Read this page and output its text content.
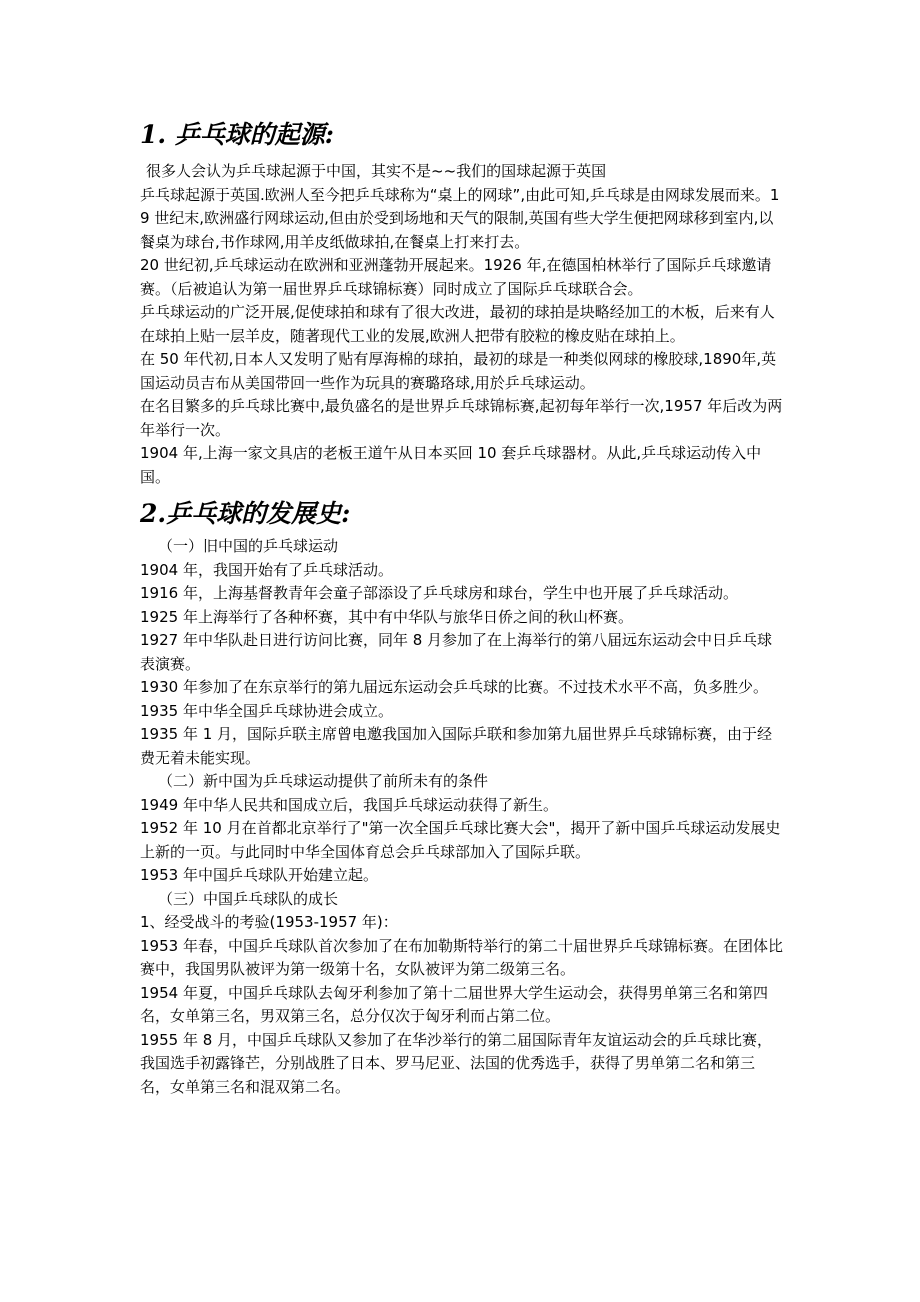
1. 乒乓球的起源:

很多人会认为乒乓球起源于中国，其实不是~~我们的国球起源于英国

乒乓球起源于英国.欧洲人至今把乒乓球称为“桌上的网球”,由此可知,乒乓球是由网球发展而来。19 世纪末,欧洲盛行网球运动,但由於受到场地和天气的限制,英国有些大学生便把网球移到室内,以餐桌为球台,书作球网,用羊皮纸做球拍,在餐桌上打来打去。

20 世纪初,乒乓球运动在欧洲和亚洲蓬勃开展起来。1926 年,在德国柏林举行了国际乒乓球邀请赛。（后被追认为第一届世界乒乓球锦标赛）同时成立了国际乒乓球联合会。

乒乓球运动的广泛开展,促使球拍和球有了很大改进，最初的球拍是块略经加工的木板，后来有人在球拍上贴一层羊皮，随著现代工业的发展,欧洲人把带有胶粒的橡皮贴在球拍上。

在 50 年代初,日本人又发明了贴有厚海棉的球拍，最初的球是一种类似网球的橡胶球,1890年,英国运动员吉布从美国带回一些作为玩具的赛璐珞球,用於乒乓球运动。

在名目繁多的乒乓球比赛中,最负盛名的是世界乒乓球锦标赛,起初每年举行一次,1957 年后改为两年举行一次。

1904 年,上海一家文具店的老板王道午从日本买回 10 套乒乓球器材。从此,乒乓球运动传入中国。

2.乒乓球的发展史:

（一）旧中国的乒乓球运动

1904 年，我国开始有了乒乓球活动。

1916 年，上海基督教青年会童子部添设了乒乓球房和球台，学生中也开展了乒乓球活动。

1925 年上海举行了各种杯赛，其中有中华队与旅华日侨之间的秋山杯赛。

1927 年中华队赴日进行访问比赛，同年 8 月参加了在上海举行的第八届远东运动会中日乒乓球表演赛。

1930 年参加了在东京举行的第九届远东运动会乒乓球的比赛。不过技术水平不高，负多胜少。

1935 年中华全国乒乓球协进会成立。

1935 年 1 月，国际乒联主席曾电邀我国加入国际乒联和参加第九届世界乒乓球锦标赛，由于经费无着未能实现。

（二）新中国为乒乓球运动提供了前所未有的条件

1949 年中华人民共和国成立后，我国乒乓球运动获得了新生。

1952 年 10 月在首都北京举行了"第一次全国乒乓球比赛大会"，揭开了新中国乒乓球运动发展史上新的一页。与此同时中华全国体育总会乒乓球部加入了国际乒联。

1953 年中国乒乓球队开始建立起。

（三）中国乒乓球队的成长

1、经受战斗的考验(1953-1957 年)：

1953 年春，中国乒乓球队首次参加了在布加勒斯特举行的第二十届世界乒乓球锦标赛。在团体比赛中，我国男队被评为第一级第十名，女队被评为第二级第三名。

1954 年夏，中国乒乓球队去匈牙利参加了第十二届世界大学生运动会，获得男单第三名和第四名，女单第三名，男双第三名，总分仅次于匈牙利而占第二位。

1955 年 8 月，中国乒乓球队又参加了在华沙举行的第二届国际青年友谊运动会的乒乓球比赛，我国选手初露锋芒，分别战胜了日本、罗马尼亚、法国的优秀选手，获得了男单第二名和第三名，女单第三名和混双第二名。
